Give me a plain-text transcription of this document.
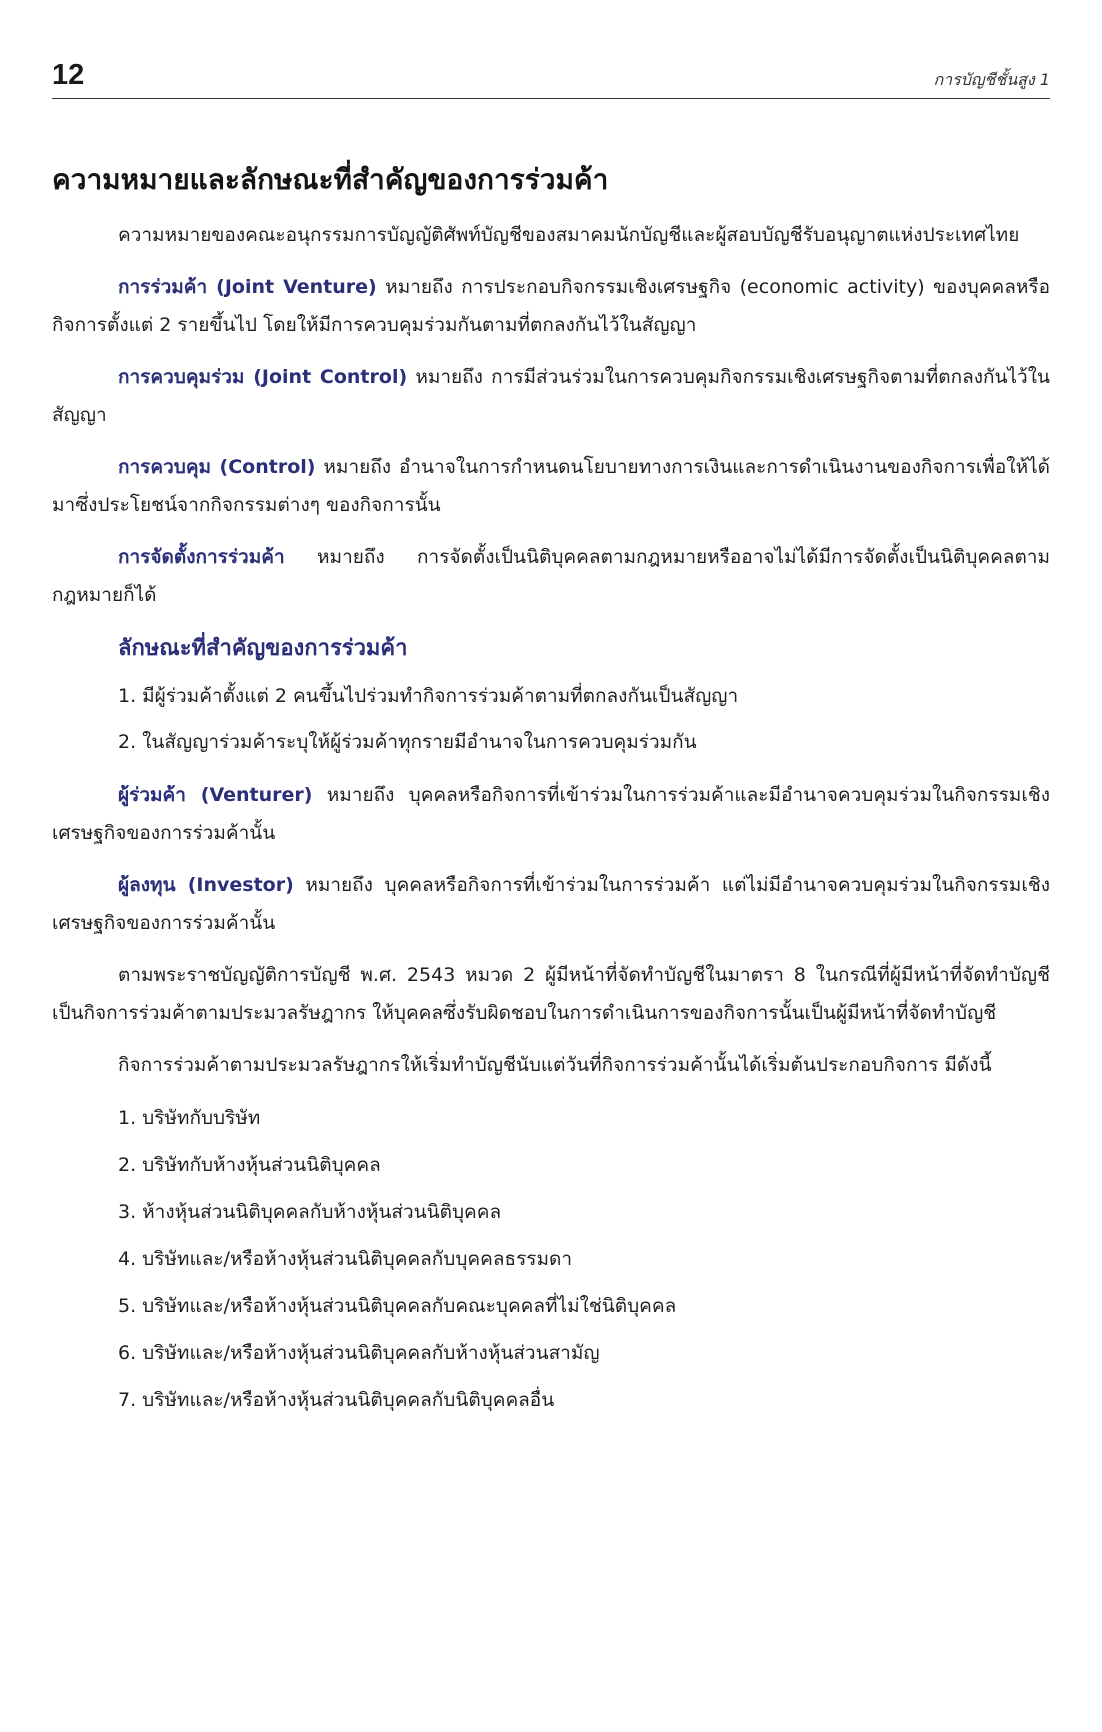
12	การบัญชีชั้นสูง 1
ความหมายและลักษณะที่สำคัญของการร่วมค้า

ความหมายของคณะอนุกรรมการบัญญัติศัพท์บัญชีของสมาคมนักบัญชีและผู้สอบบัญชีรับอนุญาตแห่งประเทศไทย

การร่วมค้า (Joint Venture) หมายถึง การประกอบกิจกรรมเชิงเศรษฐกิจ (economic activity) ของบุคคลหรือกิจการตั้งแต่ 2 รายขึ้นไป โดยให้มีการควบคุมร่วมกันตามที่ตกลงกันไว้ในสัญญา

การควบคุมร่วม (Joint Control) หมายถึง การมีส่วนร่วมในการควบคุมกิจกรรมเชิงเศรษฐกิจตามที่ตกลงกันไว้ในสัญญา

การควบคุม (Control) หมายถึง อำนาจในการกำหนดนโยบายทางการเงินและการดำเนินงานของกิจการเพื่อให้ได้มาซึ่งประโยชน์จากกิจกรรมต่างๆ ของกิจการนั้น

การจัดตั้งการร่วมค้า หมายถึง การจัดตั้งเป็นนิติบุคคลตามกฎหมายหรืออาจไม่ได้มีการจัดตั้งเป็นนิติบุคคลตามกฎหมายก็ได้

ลักษณะที่สำคัญของการร่วมค้า
1. มีผู้ร่วมค้าตั้งแต่ 2 คนขึ้นไปร่วมทำกิจการร่วมค้าตามที่ตกลงกันเป็นสัญญา
2. ในสัญญาร่วมค้าระบุให้ผู้ร่วมค้าทุกรายมีอำนาจในการควบคุมร่วมกัน

ผู้ร่วมค้า (Venturer) หมายถึง บุคคลหรือกิจการที่เข้าร่วมในการร่วมค้าและมีอำนาจควบคุมร่วมในกิจกรรมเชิงเศรษฐกิจของการร่วมค้านั้น

ผู้ลงทุน (Investor) หมายถึง บุคคลหรือกิจการที่เข้าร่วมในการร่วมค้า แต่ไม่มีอำนาจควบคุมร่วมในกิจกรรมเชิงเศรษฐกิจของการร่วมค้านั้น

ตามพระราชบัญญัติการบัญชี พ.ศ. 2543 หมวด 2 ผู้มีหน้าที่จัดทำบัญชีในมาตรา 8 ในกรณีที่ผู้มีหน้าที่จัดทำบัญชีเป็นกิจการร่วมค้าตามประมวลรัษฎากร ให้บุคคลซึ่งรับผิดชอบในการดำเนินการของกิจการนั้นเป็นผู้มีหน้าที่จัดทำบัญชี

กิจการร่วมค้าตามประมวลรัษฎากรให้เริ่มทำบัญชีนับแต่วันที่กิจการร่วมค้านั้นได้เริ่มต้นประกอบกิจการ มีดังนี้

1. บริษัทกับบริษัท
2. บริษัทกับห้างหุ้นส่วนนิติบุคคล
3. ห้างหุ้นส่วนนิติบุคคลกับห้างหุ้นส่วนนิติบุคคล
4. บริษัทและ/หรือห้างหุ้นส่วนนิติบุคคลกับบุคคลธรรมดา
5. บริษัทและ/หรือห้างหุ้นส่วนนิติบุคคลกับคณะบุคคลที่ไม่ใช่นิติบุคคล
6. บริษัทและ/หรือห้างหุ้นส่วนนิติบุคคลกับห้างหุ้นส่วนสามัญ
7. บริษัทและ/หรือห้างหุ้นส่วนนิติบุคคลกับนิติบุคคลอื่น
